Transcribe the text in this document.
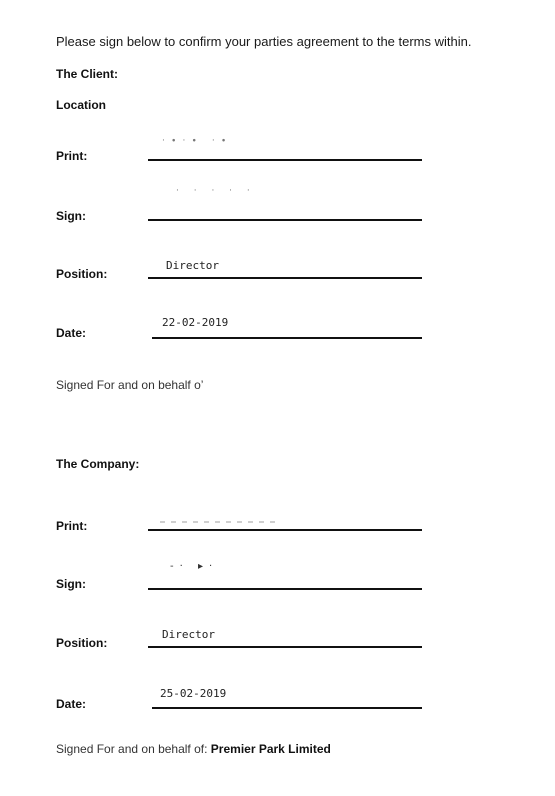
Please sign below to confirm your parties agreement to the terms within.
The Client:
Location
Print:
·∙·∙ ·∙
Sign:
· · · · ·
Position:
Director
Date:
22-02-2019
Signed For and on behalf o’
The Company:
Print:
Sign:
-· ▸·
Position:
Director
Date:
25-02-2019
Signed For and on behalf of: Premier Park Limited
